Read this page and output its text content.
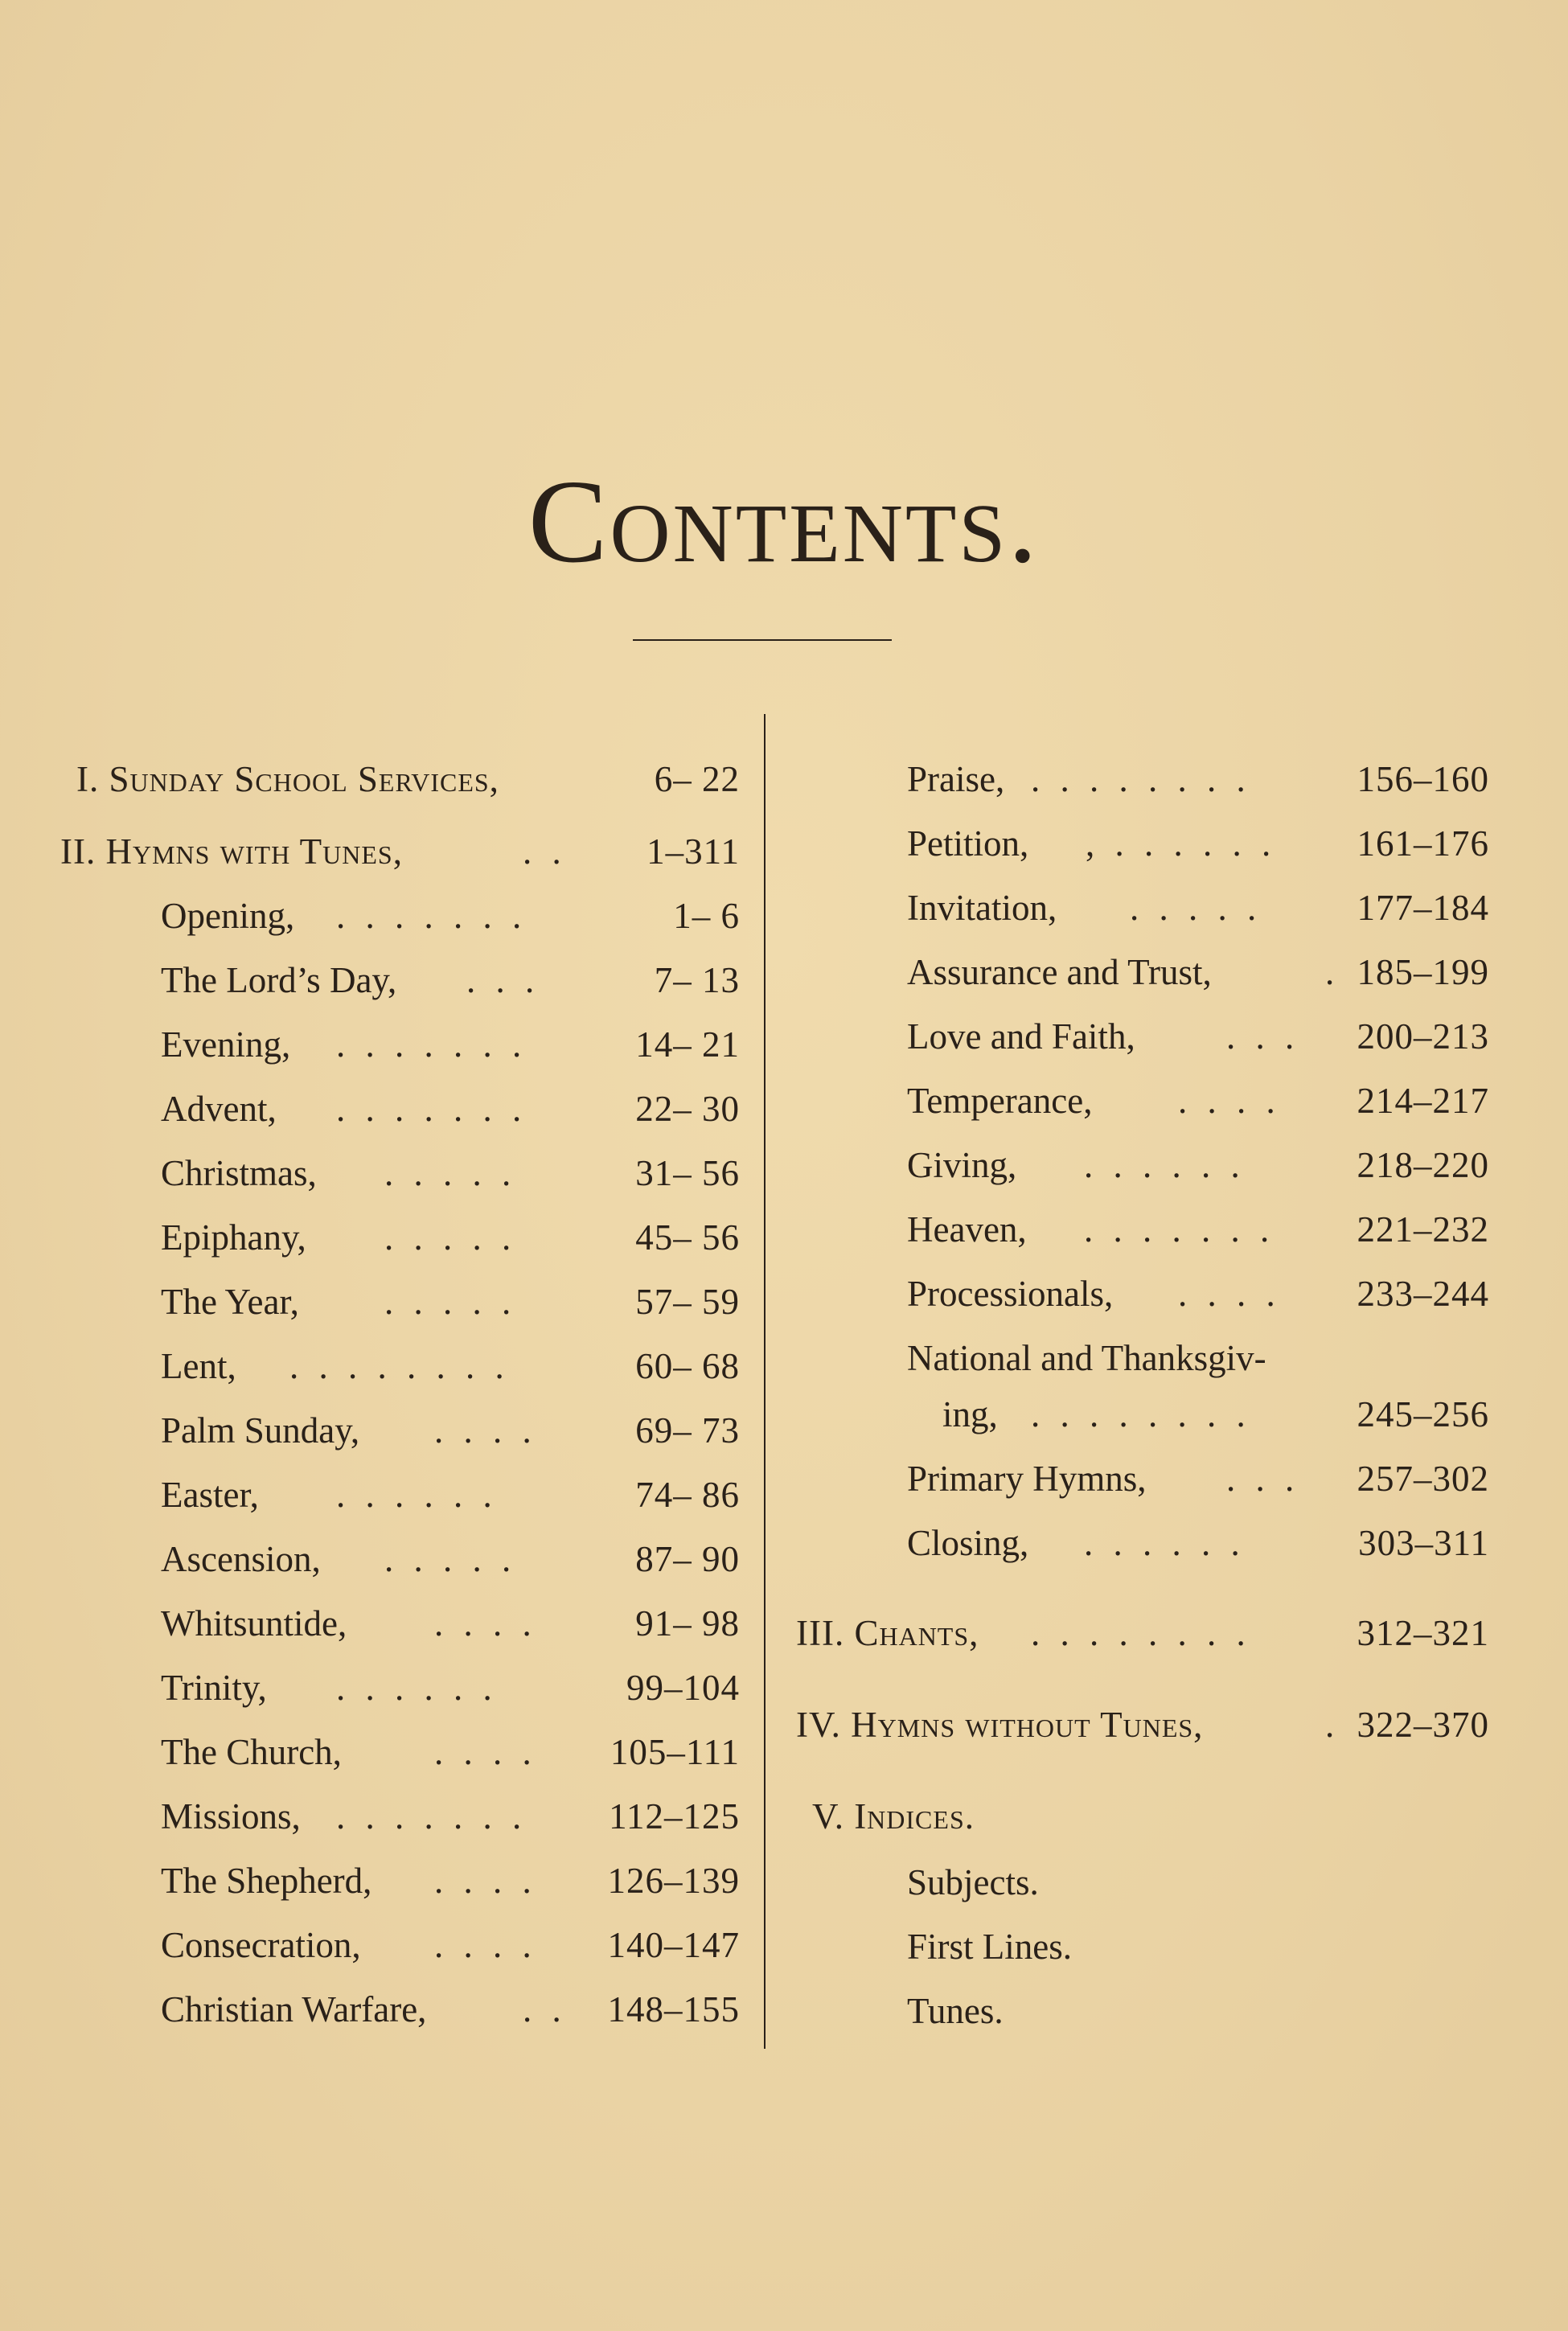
Contents.
I. Sunday School Services,	6– 22
II. Hymns with Tunes,	. . 1–311
Opening, . . . . . . .	1– 6
The Lord’s Day, . . .	7– 13
Evening, . . . . . . .	14– 21
Advent, . . . . . . .	22– 30
Christmas, . . . . .	31– 56
Epiphany, . . . . .	45– 56
The Year, . . . . .	57– 59
Lent, . . . . . . . .	60– 68
Palm Sunday, . . . .	69– 73
Easter, . . . . . .	74– 86
Ascension, . . . . .	87– 90
Whitsuntide, . . . .	91– 98
Trinity, . . . . . .	99–104
The Church,	. . . . 105–111
Missions, . . . . . . . 112–125
The Shepherd, . . . . 126–139
Consecration, . . . . 140–147
Christian Warfare,	. . 148–155
Praise, . . . . . . . .	156–160
Petition, , . . . . . . 161–176
Invitation, . . . . .	177–184
Assurance and Trust,	. 185–199
Love and Faith,	. . . 200–213
Temperance, . . . . 214–217
Giving, . . . . . .	218–220
Heaven, . . . . . . . 221–232
Processionals, . . . . 233–244
National and Thanksgiv-
ing, . . . . . . . .	245–256
Primary Hymns, . . . 257–302
Closing, . . . . . .	303–311
III. Chants, . . . . . . . .	312–321
IV. Hymns without Tunes,	. 322–370
V. Indices.
Subjects.
First Lines.
Tunes.
